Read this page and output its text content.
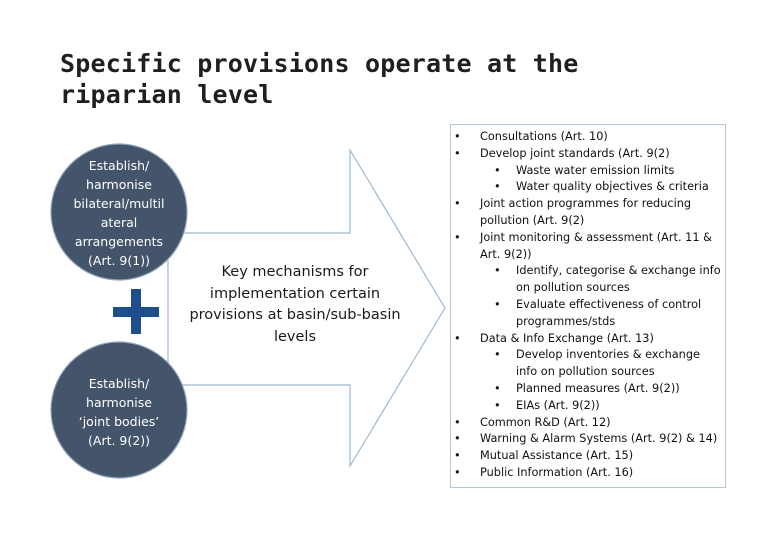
Specific provisions operate at the
riparian level
Establish/
harmonise
bilateral/multil
ateral
arrangements
(Art. 9(1))
Establish/
harmonise
‘joint bodies’
(Art. 9(2))
Key mechanisms for
implementation certain
provisions at basin/sub-basin
levels
• Consultations (Art. 10)
• Develop joint standards (Art. 9(2)
• Waste water emission limits
• Water quality objectives & criteria
• Joint action programmes for reducing
pollution (Art. 9(2)
• Joint monitoring & assessment (Art. 11 &
Art. 9(2))
• Identify, categorise & exchange info
on pollution sources
• Evaluate effectiveness of control
programmes/stds
• Data & Info Exchange (Art. 13)
• Develop inventories & exchange
info on pollution sources
• Planned measures (Art. 9(2))
• EIAs (Art. 9(2))
• Common R&D (Art. 12)
• Warning & Alarm Systems (Art. 9(2) & 14)
• Mutual Assistance (Art. 15)
• Public Information (Art. 16)
